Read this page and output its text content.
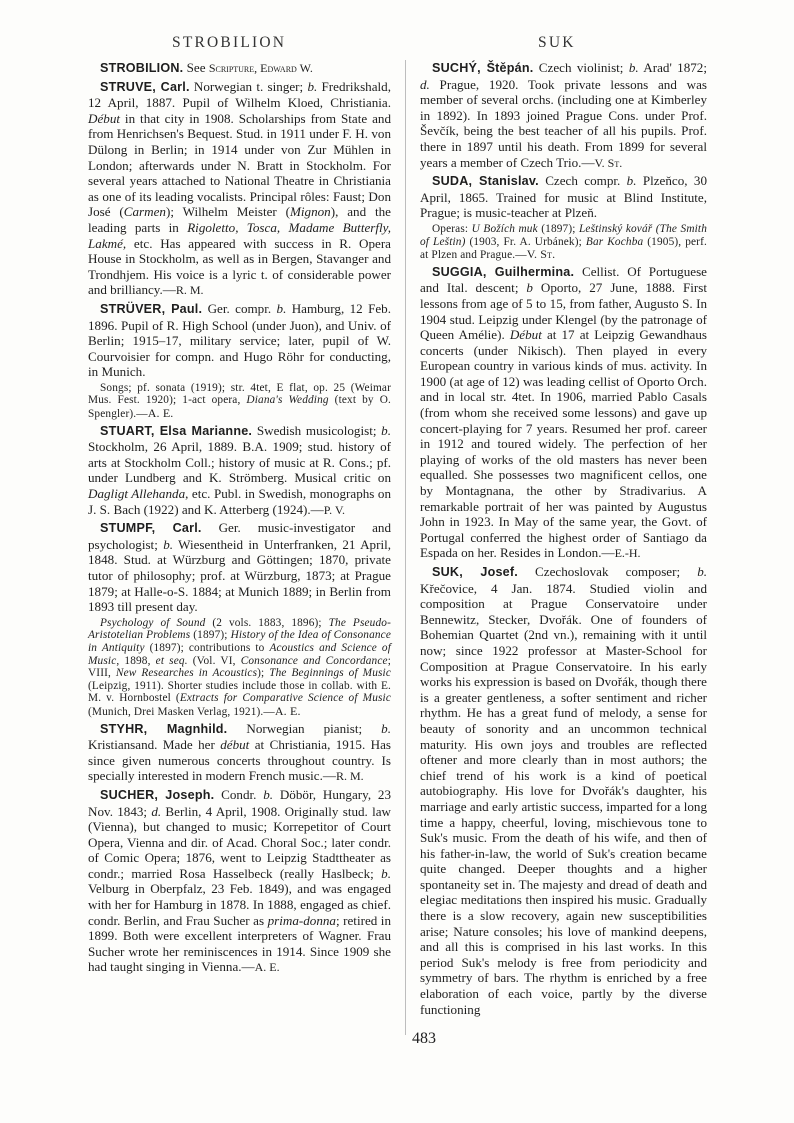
STROBILION	SUK

STROBILION. See Scripture, Edward W.

STRUVE, Carl. Norwegian t. singer; b. Fredrikshald, 12 April, 1887. Pupil of Wilhelm Kloed, Christiania. Début in that city in 1908. Scholarships from State and from Henrichsen's Bequest. Stud. in 1911 under F. H. von Dülong in Berlin; in 1914 under von Zur Mühlen in London; afterwards under N. Bratt in Stockholm. For several years attached to National Theatre in Christiania as one of its leading vocalists. Principal rôles: Faust; Don José (Carmen); Wilhelm Meister (Mignon), and the leading parts in Rigoletto, Tosca, Madame Butterfly, Lakmé, etc. Has appeared with success in R. Opera House in Stockholm, as well as in Bergen, Stavanger and Trondhjem. His voice is a lyric t. of considerable power and brilliancy.—R. M.

STRÜVER, Paul. Ger. compr. b. Hamburg, 12 Feb. 1896. Pupil of R. High School (under Juon), and Univ. of Berlin; 1915–17, military service; later, pupil of W. Courvoisier for compn. and Hugo Röhr for conducting, in Munich.

Songs; pf. sonata (1919); str. 4tet, E flat, op. 25 (Weimar Mus. Fest. 1920); 1-act opera, Diana's Wedding (text by O. Spengler).—A. E.

STUART, Elsa Marianne. Swedish musicologist; b. Stockholm, 26 April, 1889. B.A. 1909; stud. history of arts at Stockholm Coll.; history of music at R. Cons.; pf. under Lundberg and K. Strömberg. Musical critic on Dagligt Allehanda, etc. Publ. in Swedish, monographs on J. S. Bach (1922) and K. Atterberg (1924).—P. V.

STUMPF, Carl. Ger. music-investigator and psychologist; b. Wiesentheid in Unterfranken, 21 April, 1848. Stud. at Würzburg and Göttingen; 1870, private tutor of philosophy; prof. at Würzburg, 1873; at Prague 1879; at Halle-o-S. 1884; at Munich 1889; in Berlin from 1893 till present day.

Psychology of Sound (2 vols. 1883, 1896); The Pseudo-Aristotelian Problems (1897); History of the Idea of Consonance in Antiquity (1897); contributions to Acoustics and Science of Music, 1898, et seq. (Vol. VI, Consonance and Concordance; VIII, New Researches in Acoustics); The Beginnings of Music (Leipzig, 1911). Shorter studies include those in collab. with E. M. v. Hornbostel (Extracts for Comparative Science of Music (Munich, Drei Masken Verlag, 1921).—A. E.

STYHR, Magnhild. Norwegian pianist; b. Kristiansand. Made her début at Christiania, 1915. Has since given numerous concerts throughout country. Is specially interested in modern French music.—R. M.

SUCHER, Joseph. Condr. b. Döbör, Hungary, 23 Nov. 1843; d. Berlin, 4 April, 1908. Originally stud. law (Vienna), but changed to music; Korrepetitor of Court Opera, Vienna and dir. of Acad. Choral Soc.; later condr. of Comic Opera; 1876, went to Leipzig Stadttheater as condr.; married Rosa Hasselbeck (really Haslbeck; b. Velburg in Oberpfalz, 23 Feb. 1849), and was engaged with her for Hamburg in 1878. In 1888, engaged as chief. condr. Berlin, and Frau Sucher as prima-donna; retired in 1899. Both were excellent interpreters of Wagner. Frau Sucher wrote her reminiscences in 1914. Since 1909 she had taught singing in Vienna.—A. E.

SUCHÝ, Štěpán. Czech violinist; b. Arad' 1872; d. Prague, 1920. Took private lessons and was member of several orchs. (including one at Kimberley in 1892). In 1893 joined Prague Cons. under Prof. Ševčík, being the best teacher of all his pupils. Prof. there in 1897 until his death. From 1899 for several years a member of Czech Trio.—V. St.

SUDA, Stanislav. Czech compr. b. Plzeňco, 30 April, 1865. Trained for music at Blind Institute, Prague; is music-teacher at Plzeň.

Operas: U Božích muk (1897); Leštinský kovář (The Smith of Leštin) (1903, Fr. A. Urbánek); Bar Kochba (1905), perf. at Plzen and Prague.—V. St.

SUGGIA, Guilhermina. Cellist. Of Portuguese and Ital. descent; b Oporto, 27 June, 1888. First lessons from age of 5 to 15, from father, Augusto S. In 1904 stud. Leipzig under Klengel (by the patronage of Queen Amélie). Début at 17 at Leipzig Gewandhaus concerts (under Nikisch). Then played in every European country in various kinds of mus. activity. In 1900 (at age of 12) was leading cellist of Oporto Orch. and in local str. 4tet. In 1906, married Pablo Casals (from whom she received some lessons) and gave up concert-playing for 7 years. Resumed her prof. career in 1912 and toured widely. The perfection of her playing of works of the old masters has never been equalled. She possesses two magnificent cellos, one by Montagnana, the other by Stradivarius. A remarkable portrait of her was painted by Augustus John in 1923. In May of the same year, the Govt. of Portugal conferred the highest order of Santiago da Espada on her. Resides in London.—E.-H.

SUK, Josef. Czechoslovak composer; b. Křečovice, 4 Jan. 1874. Studied violin and composition at Prague Conservatoire under Bennewitz, Stecker, Dvořák. One of founders of Bohemian Quartet (2nd vn.), remaining with it until now; since 1922 professor at Master-School for Composition at Prague Conservatoire. In his early works his expression is based on Dvořák, though there is a greater gentleness, a softer sentiment and richer rhythm. He has a great fund of melody, a sense for beauty of sonority and an uncommon technical maturity. His own joys and troubles are reflected oftener and more clearly than in most authors; the chief trend of his work is a kind of poetical autobiography. His love for Dvořák's daughter, his marriage and early artistic success, imparted for a long time a happy, cheerful, loving, mischievous tone to Suk's music. From the death of his wife, and then of his father-in-law, the world of Suk's creation became quite changed. Deeper thoughts and a higher spontaneity set in. The majesty and dread of death and elegiac meditations then inspired his music. Gradually there is a slow recovery, again new susceptibilities arise; Nature consoles; his love of mankind deepens, and all this is comprised in his last works. In this period Suk's melody is free from periodicity and symmetry of bars. The rhythm is enriched by a free elaboration of each voice, partly by the diverse functioning

483
